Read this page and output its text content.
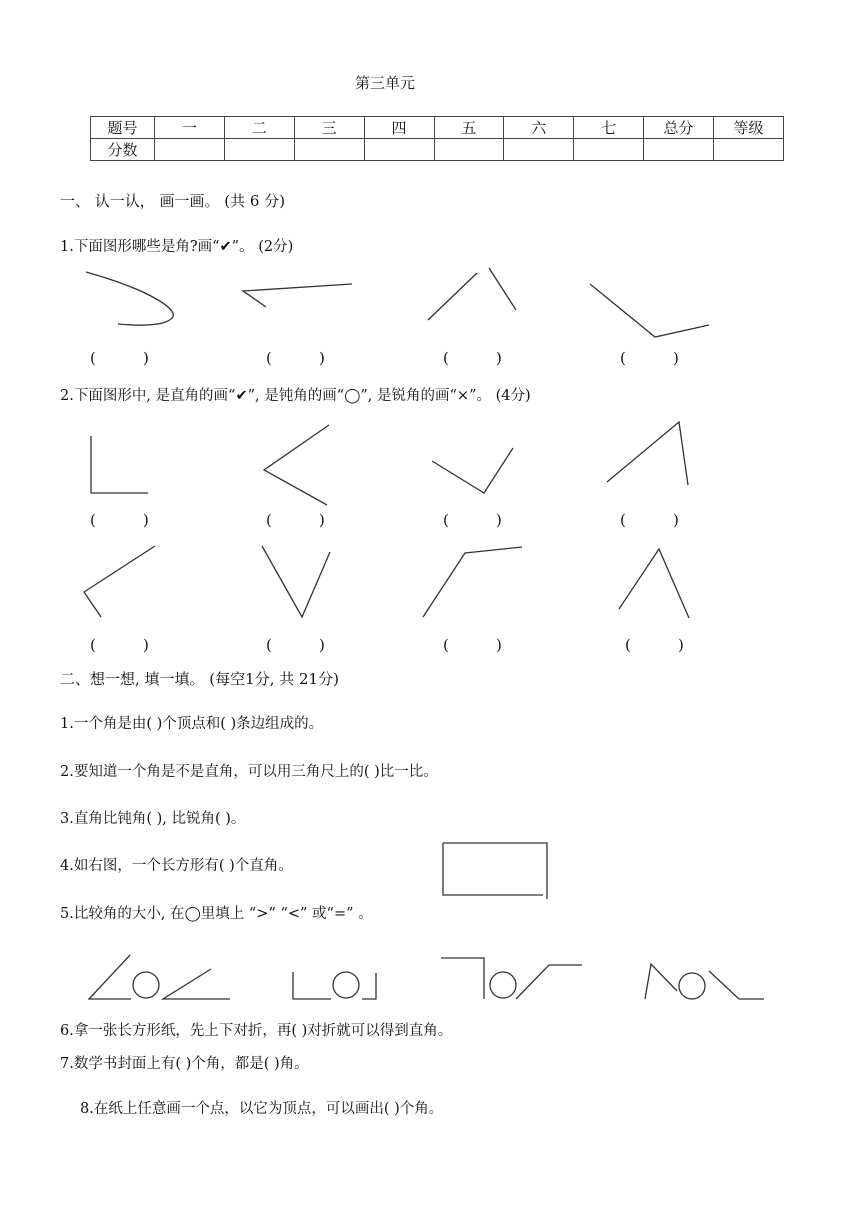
第三单元
题号	一	二	三	四	五	六	七	总分	等级
分数									
一、 认一认， 画一画。 (共 6 分)
1.下面图形哪些是角?画“✔”。 (2分)
2.下面图形中, 是直角的画“✔”, 是钝角的画“◯”, 是锐角的画“×”。 (4分)
(	)	(	)	(	)	(	)
(	)	(	)	(	)	(	)
(	)	(	)	(	)	(	)
二、想一想, 填一填。 (每空1分, 共 21分)
1.一个角是由( )个顶点和( )条边组成的。
2.要知道一个角是不是直角，可以用三角尺上的( )比一比。
3.直角比钝角( ), 比锐角( )。
4.如右图，一个长方形有( )个直角。
5.比较角的大小, 在◯里填上 “>” “<” 或“=” 。
6.拿一张长方形纸，先上下对折，再( )对折就可以得到直角。
7.数学书封面上有( )个角，都是( )角。
8.在纸上任意画一个点，以它为顶点，可以画出( )个角。
